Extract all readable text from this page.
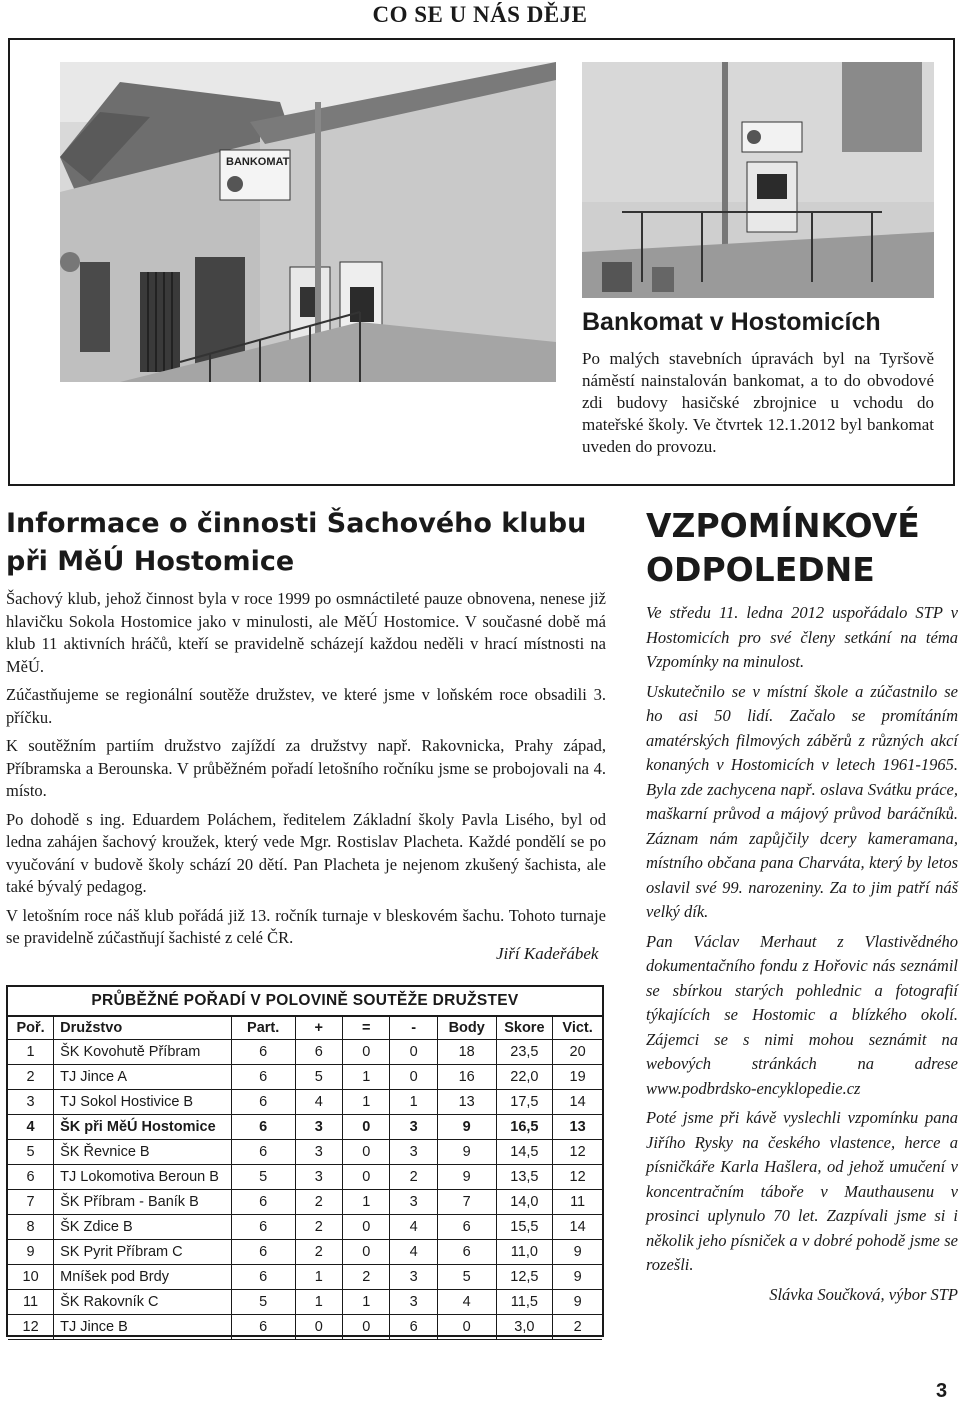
CO SE U NÁS DĚJE
BANKOMAT
Bankomat v Hostomicích
Po malých stavebních úpravách byl na Tyršově náměstí nainstalován bankomat, a to do obvodové zdi budovy hasičské zbrojnice u vchodu do mateřské školy. Ve čtvrtek 12.1.2012 byl bankomat uveden do provozu.
Informace o činnosti Šachového klubu
při MěÚ Hostomice

Šachový klub, jehož činnost byla v roce 1999 po osmnáctileté pauze obnovena, nenese již hlavičku Sokola Hostomice jako v minulosti, ale MěÚ Hostomice. V současné době má klub 11 aktivních hráčů, kteří se pravidelně scházejí každou neděli v hrací místnosti na MěÚ.

Zúčastňujeme se regionální soutěže družstev, ve které jsme v loňském roce obsadili 3. příčku.

K soutěžním partiím družstvo zajíždí za družstvy např. Rakovnicka, Prahy západ, Příbramska a Berounska. V průběžném pořadí letošního ročníku jsme se probojovali na 4. místo.

Po dohodě s ing. Eduardem Poláchem, ředitelem Základní školy Pavla Lisého, byl od ledna zahájen šachový kroužek, který vede Mgr. Rostislav Placheta. Každé pondělí se po vyučování v budově školy schází 20 dětí. Pan Placheta je nejenom zkušený šachista, ale také bývalý pedagog.

V letošním roce náš klub pořádá již 13. ročník turnaje v bleskovém šachu. Tohoto turnaje se pravidelně zúčastňují šachisté z celé ČR.

Jiří Kadeřábek
PRŮBĚŽNÉ POŘADÍ V POLOVINĚ SOUTĚŽE DRUŽSTEV
Poř.	Družstvo	Part.	+	=	-	Body	Skore	Vict.
1	ŠK Kovohutě Příbram	6	6	0	0	18	23,5	20
2	TJ Jince A	6	5	1	0	16	22,0	19
3	TJ Sokol Hostivice B	6	4	1	1	13	17,5	14
4	ŠK při MěÚ Hostomice	6	3	0	3	9	16,5	13
5	ŠK Řevnice B	6	3	0	3	9	14,5	12
6	TJ Lokomotiva Beroun B	5	3	0	2	9	13,5	12
7	ŠK Příbram - Baník B	6	2	1	3	7	14,0	11
8	ŠK Zdice B	6	2	0	4	6	15,5	14
9	SK Pyrit Příbram C	6	2	0	4	6	11,0	9
10	Mníšek pod Brdy	6	1	2	3	5	12,5	9
11	ŠK Rakovník C	5	1	1	3	4	11,5	9
12	TJ Jince B	6	0	0	6	0	3,0	2
VZPOMÍNKOVÉ
ODPOLEDNE

Ve středu 11. ledna 2012 uspořádalo STP v Hostomicích pro své členy setkání na téma Vzpomínky na minulost.

Uskutečnilo se v místní škole a zúčastnilo se ho asi 50 lidí. Začalo se promítáním amatérských filmových záběrů z různých akcí konaných v Hostomicích v letech 1961-1965. Byla zde zachycena např. oslava Svátku práce, maškarní průvod a májový průvod baráčníků. Záznam nám zapůjčily dcery kameramana, místního občana pana Charváta, který by letos oslavil své 99. narozeniny. Za to jim patří náš velký dík.

Pan Václav Merhaut z Vlastivědného dokumentačního fondu z Hořovic nás seznámil se sbírkou starých pohlednic a fotografií týkajících se Hostomic a blízkého okolí. Zájemci se s nimi mohou seznámit na webových stránkách na adrese www.podbrdsko-encyklopedie.cz

Poté jsme při kávě vyslechli vzpomínku pana Jiřího Rysky na českého vlastence, herce a písničkáře Karla Hašlera, od jehož umučení v koncentračním táboře v Mauthausenu v prosinci uplynulo 70 let. Zazpívali jsme si i několik jeho písniček a v dobré pohodě jsme se rozešli.

Slávka Součková, výbor STP
3
